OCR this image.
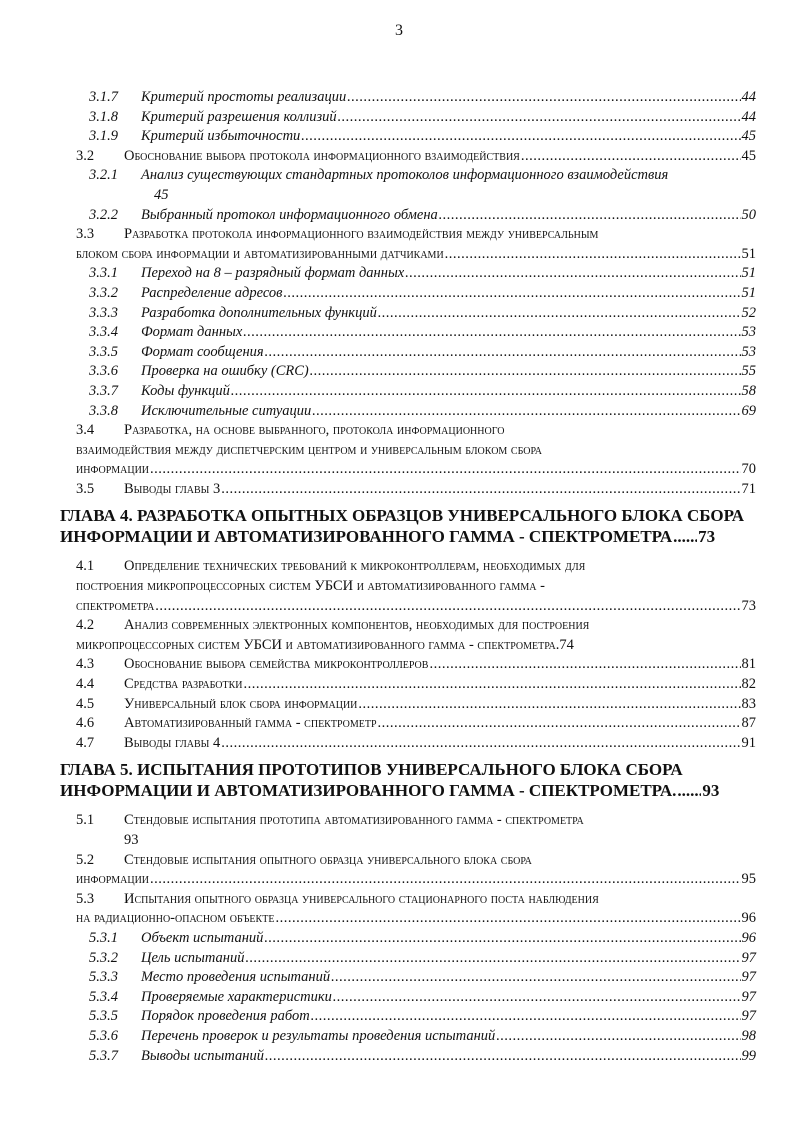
3
3.1.7	Критерий простоты реализации .....	44
3.1.8	Критерий разрешения коллизий .....	44
3.1.9	Критерий избыточности .....	45
3.2	Обоснование выбора протокола информационного взаимодействия .....	45
3.2.1	Анализ существующих стандартных протоколов информационного взаимодействия
45
3.2.2	Выбранный протокол информационного обмена .....	50
3.3	Разработка протокола информационного взаимодействия между универсальным
блоком сбора информации и автоматизированными датчиками .....	51
3.3.1	Переход на 8 – разрядный формат данных .....	51
3.3.2	Распределение адресов .....	51
3.3.3	Разработка дополнительных функций .....	52
3.3.4	Формат данных .....	53
3.3.5	Формат сообщения .....	53
3.3.6	Проверка на ошибку (CRC) .....	55
3.3.7	Коды функций .....	58
3.3.8	Исключительные ситуации .....	69
3.4	Разработка, на основе выбранного, протокола информационного
взаимодействия между диспетчерским центром и универсальным блоком сбора
информации .....	70
3.5	Выводы главы 3 .....	71
ГЛАВА 4. РАЗРАБОТКА ОПЫТНЫХ ОБРАЗЦОВ УНИВЕРСАЛЬНОГО БЛОКА СБОРА
ИНФОРМАЦИИ И АВТОМАТИЗИРОВАННОГО ГАММА - СПЕКТРОМЕТРА ..... 73
4.1	Определение технических требований к микроконтроллерам, необходимых для
построения микропроцессорных систем УБСИ и автоматизированного гамма -
спектрометра .....	73
4.2	Анализ современных электронных компонентов, необходимых для построения
микропроцессорных систем УБСИ и автоматизированного гамма - спектрометра. 74
4.3	Обоснование выбора семейства микроконтроллеров .....	81
4.4	Средства разработки .....	82
4.5	Универсальный блок сбора информации .....	83
4.6	Автоматизированный гамма - спектрометр .....	87
4.7	Выводы главы 4 .....	91
ГЛАВА 5. ИСПЫТАНИЯ ПРОТОТИПОВ УНИВЕРСАЛЬНОГО БЛОКА СБОРА
ИНФОРМАЦИИ И АВТОМАТИЗИРОВАННОГО ГАММА - СПЕКТРОМЕТРА. ..... 93
5.1	Стендовые испытания прототипа автоматизированного гамма - спектрометра
93
5.2	Стендовые испытания опытного образца универсального блока сбора
информации .....	95
5.3	Испытания опытного образца универсального стационарного поста наблюдения
на радиационно-опасном объекте .....	96
5.3.1	Объект испытаний .....	96
5.3.2	Цель испытаний .....	97
5.3.3	Место проведения испытаний .....	97
5.3.4	Проверяемые характеристики .....	97
5.3.5	Порядок проведения работ .....	97
5.3.6	Перечень проверок и результаты проведения испытаний .....	98
5.3.7	Выводы испытаний .....	99
